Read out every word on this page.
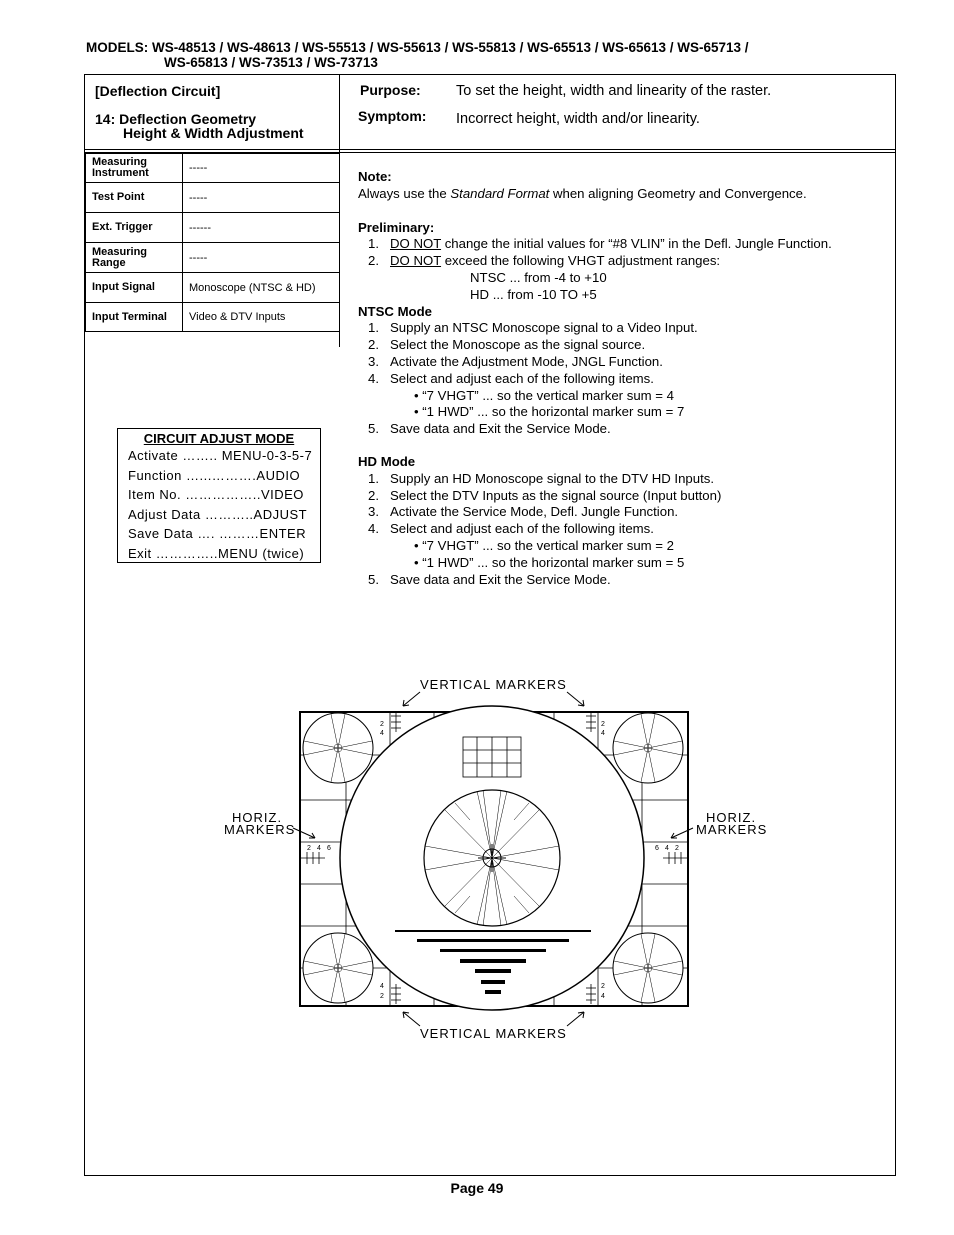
MODELS: WS-48513 / WS-48613 / WS-55513 / WS-55613 / WS-55813 / WS-65513 / WS-65613 / WS-65713 /
WS-65813 / WS-73513 / WS-73713
[Deflection Circuit]
14: Deflection Geometry
Height & Width Adjustment
Purpose: To set the height, width and linearity of the raster.
Symptom: Incorrect height, width and/or linearity.
Measuring Instrument	-----
Test Point	-----
Ext. Trigger	------
Measuring Range	-----
Input Signal	Monoscope (NTSC & HD)
Input Terminal	Video & DTV Inputs
CIRCUIT ADJUST MODE
Activate …….. MENU-0-3-5-7
Function …...……….AUDIO
Item No. ……………..VIDEO
Adjust Data ………..ADJUST
Save Data …. ………ENTER
Exit …………..MENU (twice)
Note:
Always use the Standard Format when aligning Geometry and Convergence.
Preliminary:
1. DO NOT change the initial values for “#8 VLIN” in the Defl. Jungle Function.
2. DO NOT exceed the following VHGT adjustment ranges:
NTSC ... from -4 to +10
HD ... from -10 TO +5
NTSC Mode
1. Supply an NTSC Monoscope signal to a Video Input.
2. Select the Monoscope as the signal source.
3. Activate the Adjustment Mode, JNGL Function.
4. Select and adjust each of the following items.
• “7 VHGT” ... so the vertical marker sum = 4
• “1 HWD” ... so the horizontal marker sum = 7
5. Save data and Exit the Service Mode.
HD Mode
1. Supply an HD Monoscope signal to the DTV HD Inputs.
2. Select the DTV Inputs as the signal source (Input button)
3. Activate the Service Mode, Defl. Jungle Function.
4. Select and adjust each of the following items.
• “7 VHGT” ... so the vertical marker sum = 2
• “1 HWD” ... so the horizontal marker sum = 5
5. Save data and Exit the Service Mode.
2
4
2
4
4
2
2
4
2 4 6	6 4 2
VERTICAL MARKERS
VERTICAL MARKERS
HORIZ.
MARKERS
HORIZ.
MARKERS
Page 49
